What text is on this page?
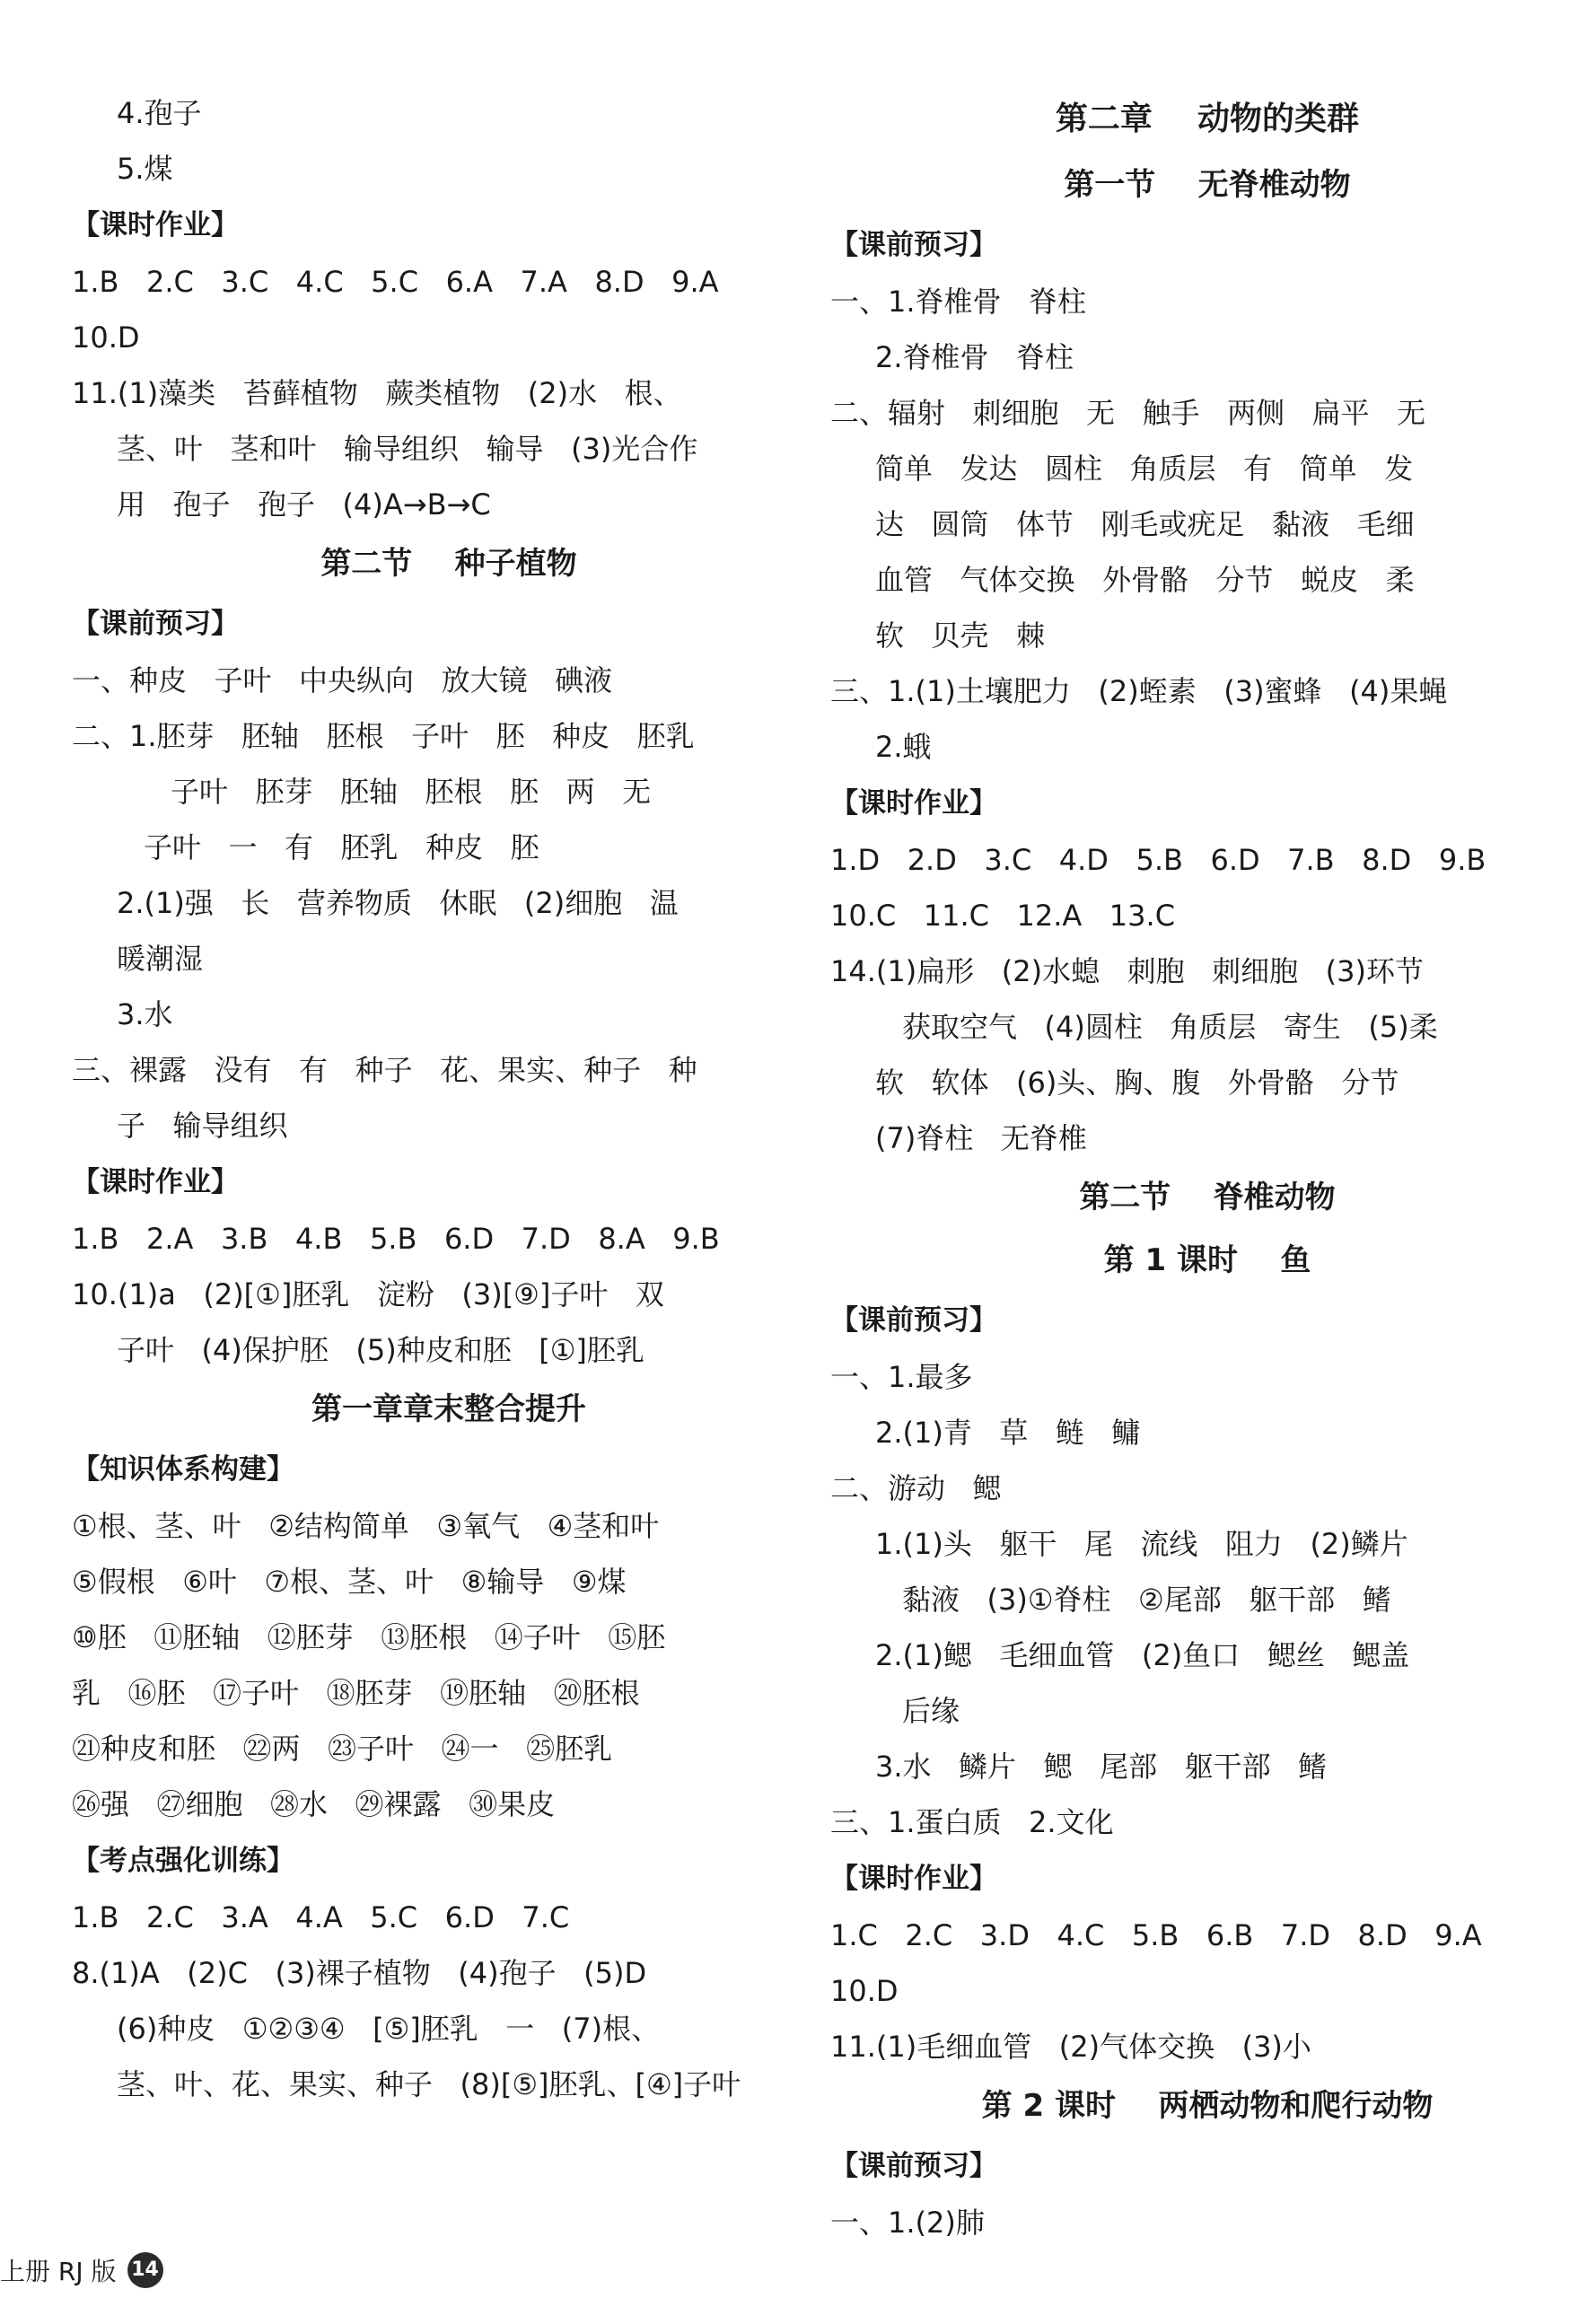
4.孢子
5.煤
【课时作业】
1.B   2.C   3.C   4.C   5.C   6.A   7.A   8.D   9.A
10.D
11.(1)藻类   苔藓植物   蕨类植物   (2)水   根、
茎、叶   茎和叶   输导组织   输导   (3)光合作
用   孢子   孢子   (4)A→B→C
第二节    种子植物
【课前预习】
一、种皮   子叶   中央纵向   放大镜   碘液
二、1.胚芽   胚轴   胚根   子叶   胚   种皮   胚乳
子叶   胚芽   胚轴   胚根   胚   两   无
子叶   一   有   胚乳   种皮   胚
2.(1)强   长   营养物质   休眠   (2)细胞   温
暖潮湿
3.水
三、裸露   没有   有   种子   花、果实、种子   种
子   输导组织
【课时作业】
1.B   2.A   3.B   4.B   5.B   6.D   7.D   8.A   9.B
10.(1)a   (2)[①]胚乳   淀粉   (3)[⑨]子叶   双
子叶   (4)保护胚   (5)种皮和胚   [①]胚乳
第一章章末整合提升
【知识体系构建】
①根、茎、叶   ②结构简单   ③氧气   ④茎和叶
⑤假根   ⑥叶   ⑦根、茎、叶   ⑧输导   ⑨煤
⑩胚   ⑪胚轴   ⑫胚芽   ⑬胚根   ⑭子叶   ⑮胚
乳   ⑯胚   ⑰子叶   ⑱胚芽   ⑲胚轴   ⑳胚根
㉑种皮和胚   ㉒两   ㉓子叶   ㉔一   ㉕胚乳
㉖强   ㉗细胞   ㉘水   ㉙裸露   ㉚果皮
【考点强化训练】
1.B   2.C   3.A   4.A   5.C   6.D   7.C
8.(1)A   (2)C   (3)裸子植物   (4)孢子   (5)D
(6)种皮   ①②③④   [⑤]胚乳   一   (7)根、
茎、叶、花、果实、种子   (8)[⑤]胚乳、[④]子叶
第二章    动物的类群
第一节    无脊椎动物
【课前预习】
一、1.脊椎骨   脊柱
2.脊椎骨   脊柱
二、辐射   刺细胞   无   触手   两侧   扁平   无
简单   发达   圆柱   角质层   有   简单   发
达   圆筒   体节   刚毛或疣足   黏液   毛细
血管   气体交换   外骨骼   分节   蜕皮   柔
软   贝壳   棘
三、1.(1)土壤肥力   (2)蛭素   (3)蜜蜂   (4)果蝇
2.蛾
【课时作业】
1.D   2.D   3.C   4.D   5.B   6.D   7.B   8.D   9.B
10.C   11.C   12.A   13.C
14.(1)扁形   (2)水螅   刺胞   刺细胞   (3)环节
获取空气   (4)圆柱   角质层   寄生   (5)柔
软   软体   (6)头、胸、腹   外骨骼   分节
(7)脊柱   无脊椎
第二节    脊椎动物
第 1 课时    鱼
【课前预习】
一、1.最多
2.(1)青   草   鲢   鳙
二、游动   鳃
1.(1)头   躯干   尾   流线   阻力   (2)鳞片
黏液   (3)①脊柱   ②尾部   躯干部   鳍
2.(1)鳃   毛细血管   (2)鱼口   鳃丝   鳃盖
后缘
3.水   鳞片   鳃   尾部   躯干部   鳍
三、1.蛋白质   2.文化
【课时作业】
1.C   2.C   3.D   4.C   5.B   6.B   7.D   8.D   9.A
10.D
11.(1)毛细血管   (2)气体交换   (3)小
第 2 课时    两栖动物和爬行动物
【课前预习】
一、1.(2)肺
上册 RJ 版 14
